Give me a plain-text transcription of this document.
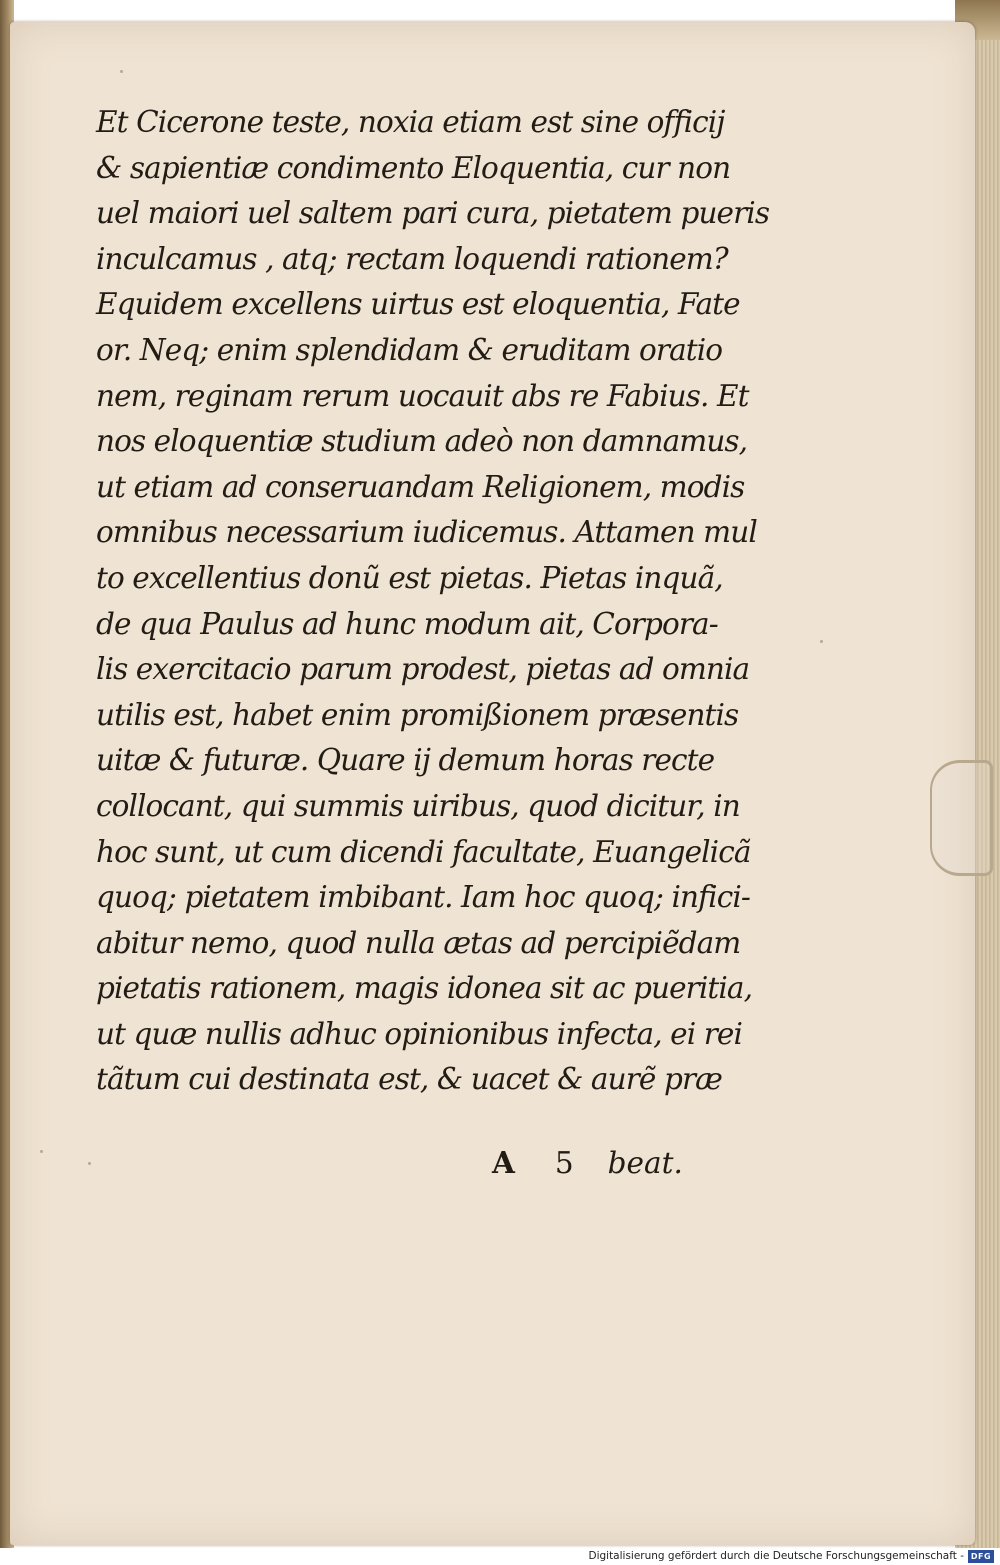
Et Cicerone teste, noxia etiam est sine officij
& sapientiæ condimento Eloquentia, cur non
uel maiori uel saltem pari cura, pietatem pueris
inculcamus , atq; rectam loquendi rationem?
Equidem excellens uirtus est eloquentia, Fate
or. Neq; enim splendidam & eruditam oratio
nem, reginam rerum uocauit abs re Fabius. Et
nos eloquentiæ studium adeò non damnamus,
ut etiam ad conseruandam Religionem, modis
omnibus necessarium iudicemus. Attamen mul
to excellentius donũ est pietas. Pietas inquã,
de qua Paulus ad hunc modum ait, Corpora-
lis exercitacio parum prodest, pietas ad omnia
utilis est, habet enim promißionem præsentis
uitæ & futuræ. Quare ij demum horas recte
collocant, qui summis uiribus, quod dicitur, in
hoc sunt, ut cum dicendi facultate, Euangelicã
quoq; pietatem imbibant. Iam hoc quoq; infici-
abitur nemo, quod nulla ætas ad percipiẽdam
pietatis rationem, magis idonea sit ac pueritia,
ut quæ nullis adhuc opinionibus infecta, ei rei
tãtum cui destinata est, & uacet & aurẽ præ
A 5 beat.
Digitalisierung gefördert durch die Deutsche Forschungsgemeinschaft - DFG
